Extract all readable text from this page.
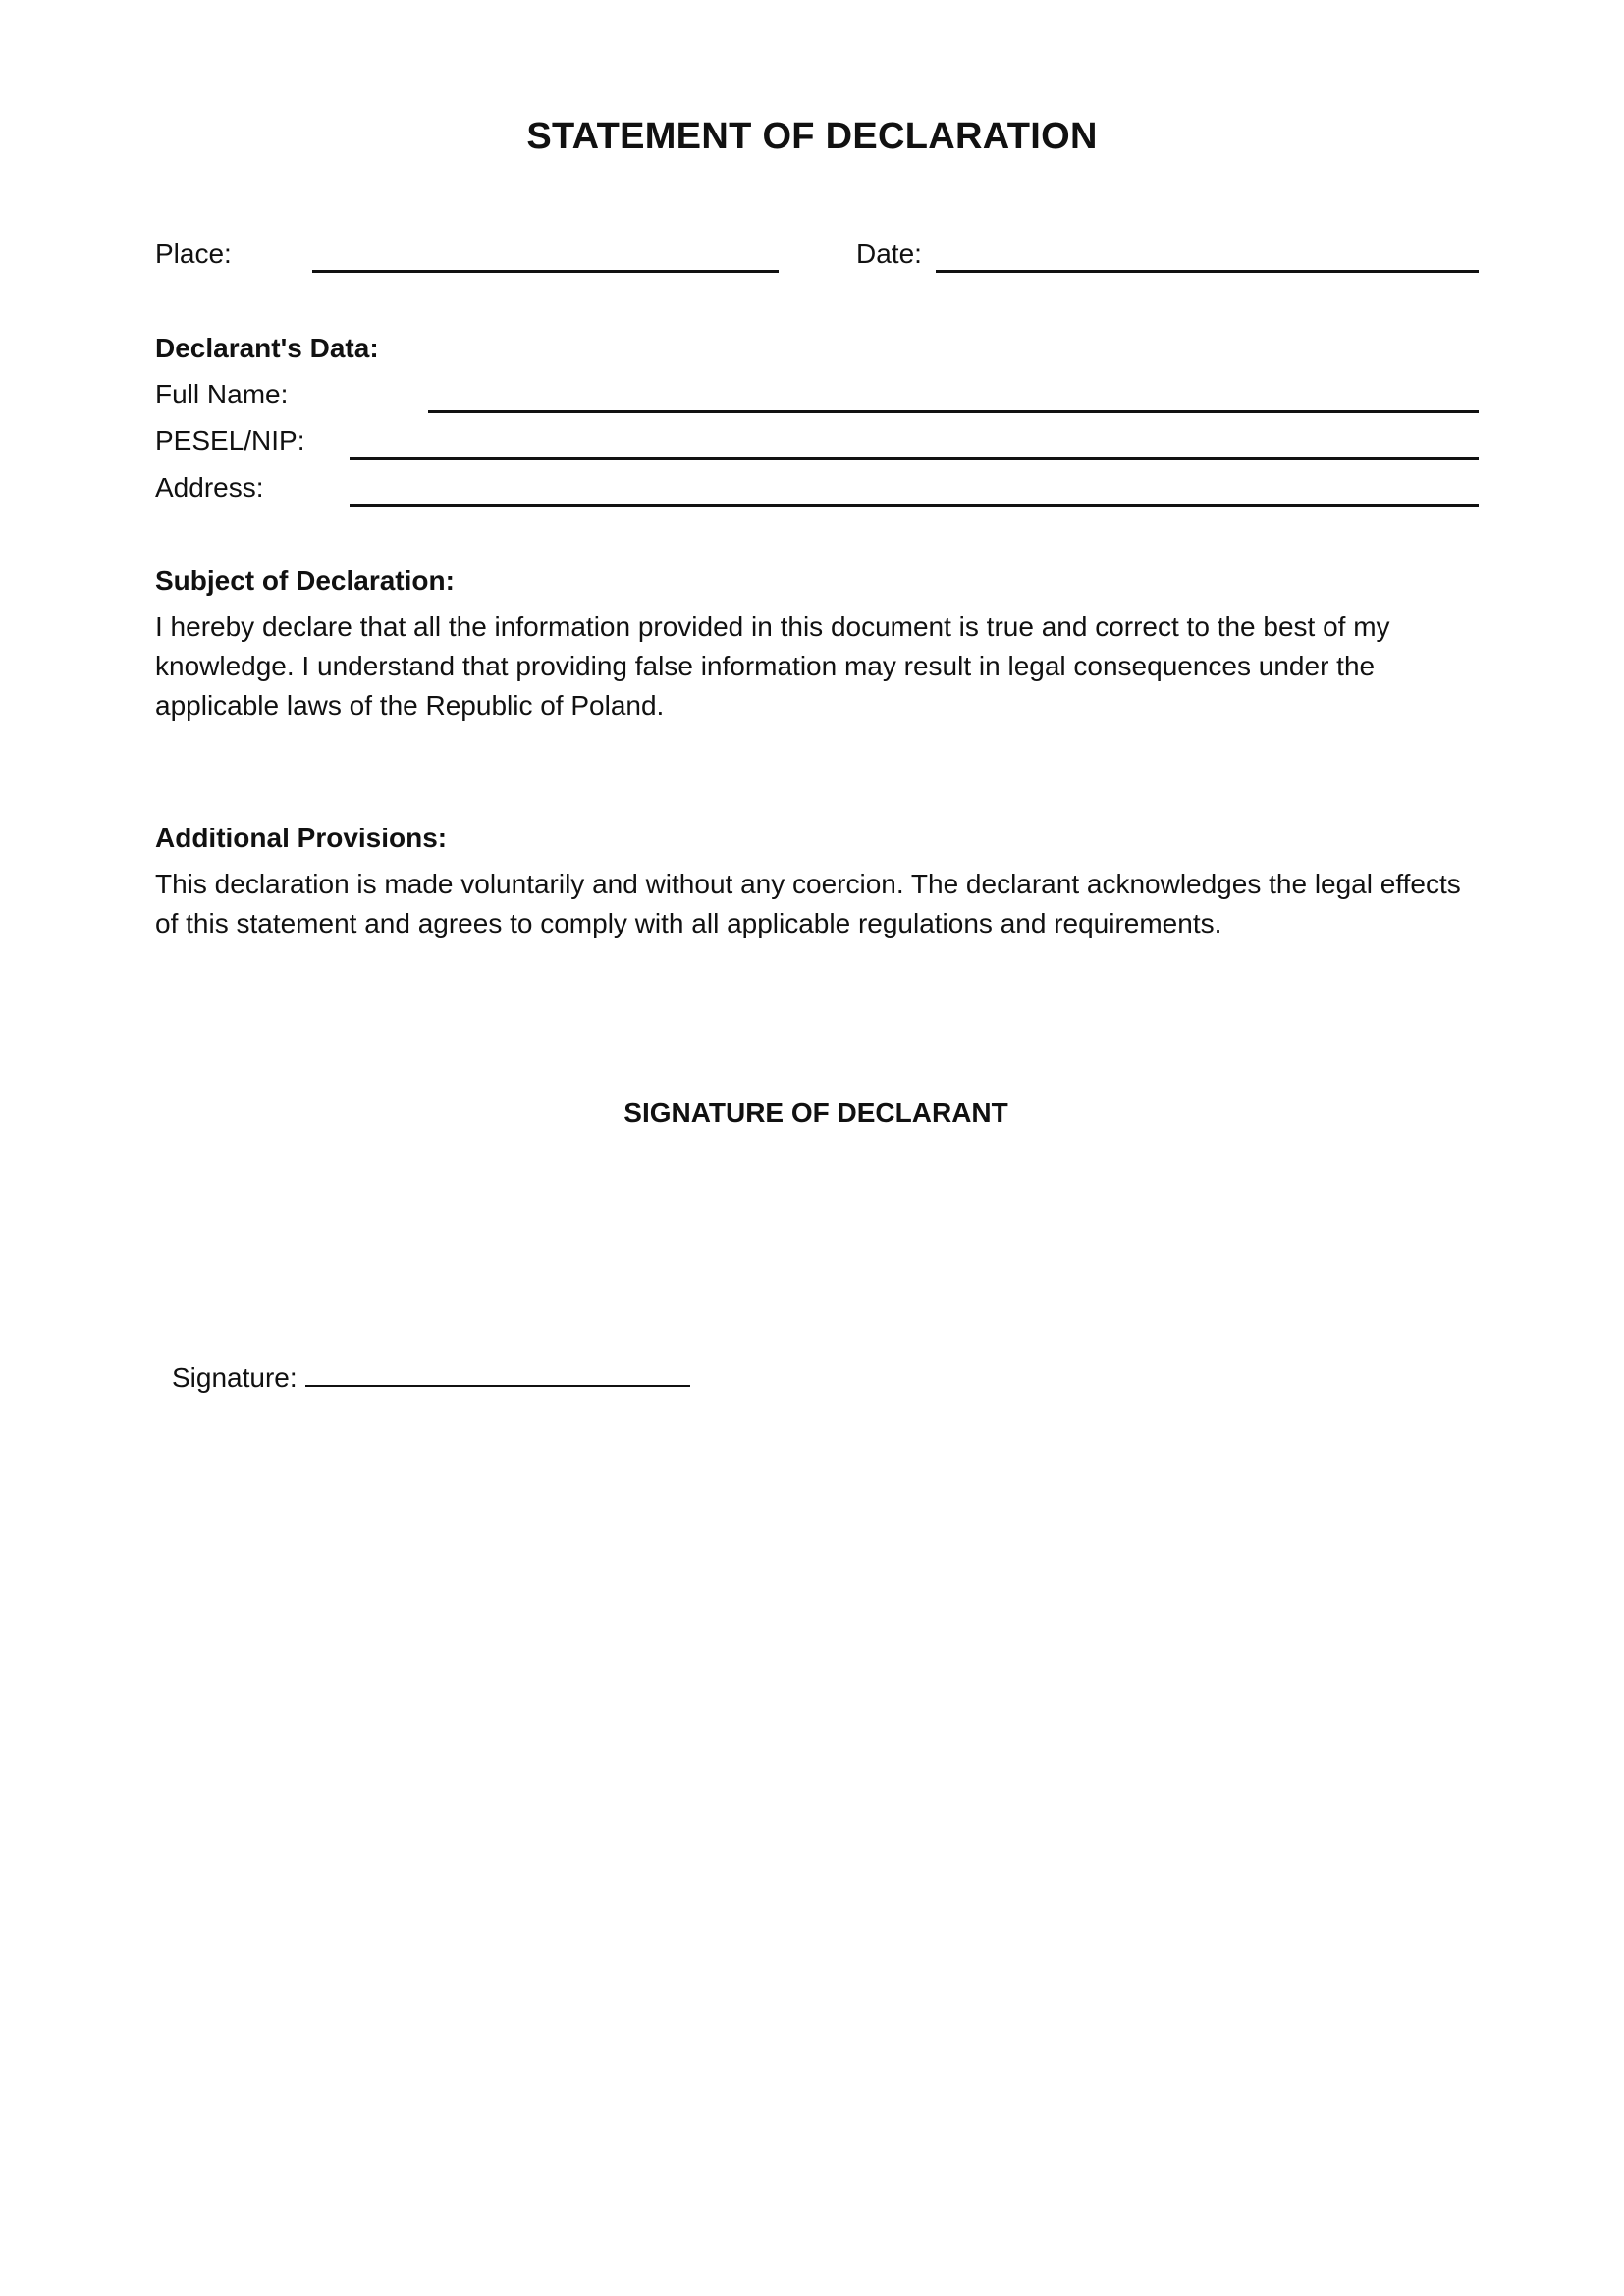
STATEMENT OF DECLARATION
Place:	Date:
Declarant's Data:
Full Name:
PESEL/NIP:
Address:
Subject of Declaration:

I hereby declare that all the information provided in this document is true and correct to the best of my knowledge. I understand that providing false information may result in legal consequences under the applicable laws of the Republic of Poland.

Additional Provisions:

This declaration is made voluntarily and without any coercion. The declarant acknowledges the legal effects of this statement and agrees to comply with all applicable regulations and requirements.

SIGNATURE OF DECLARANT
Signature:
